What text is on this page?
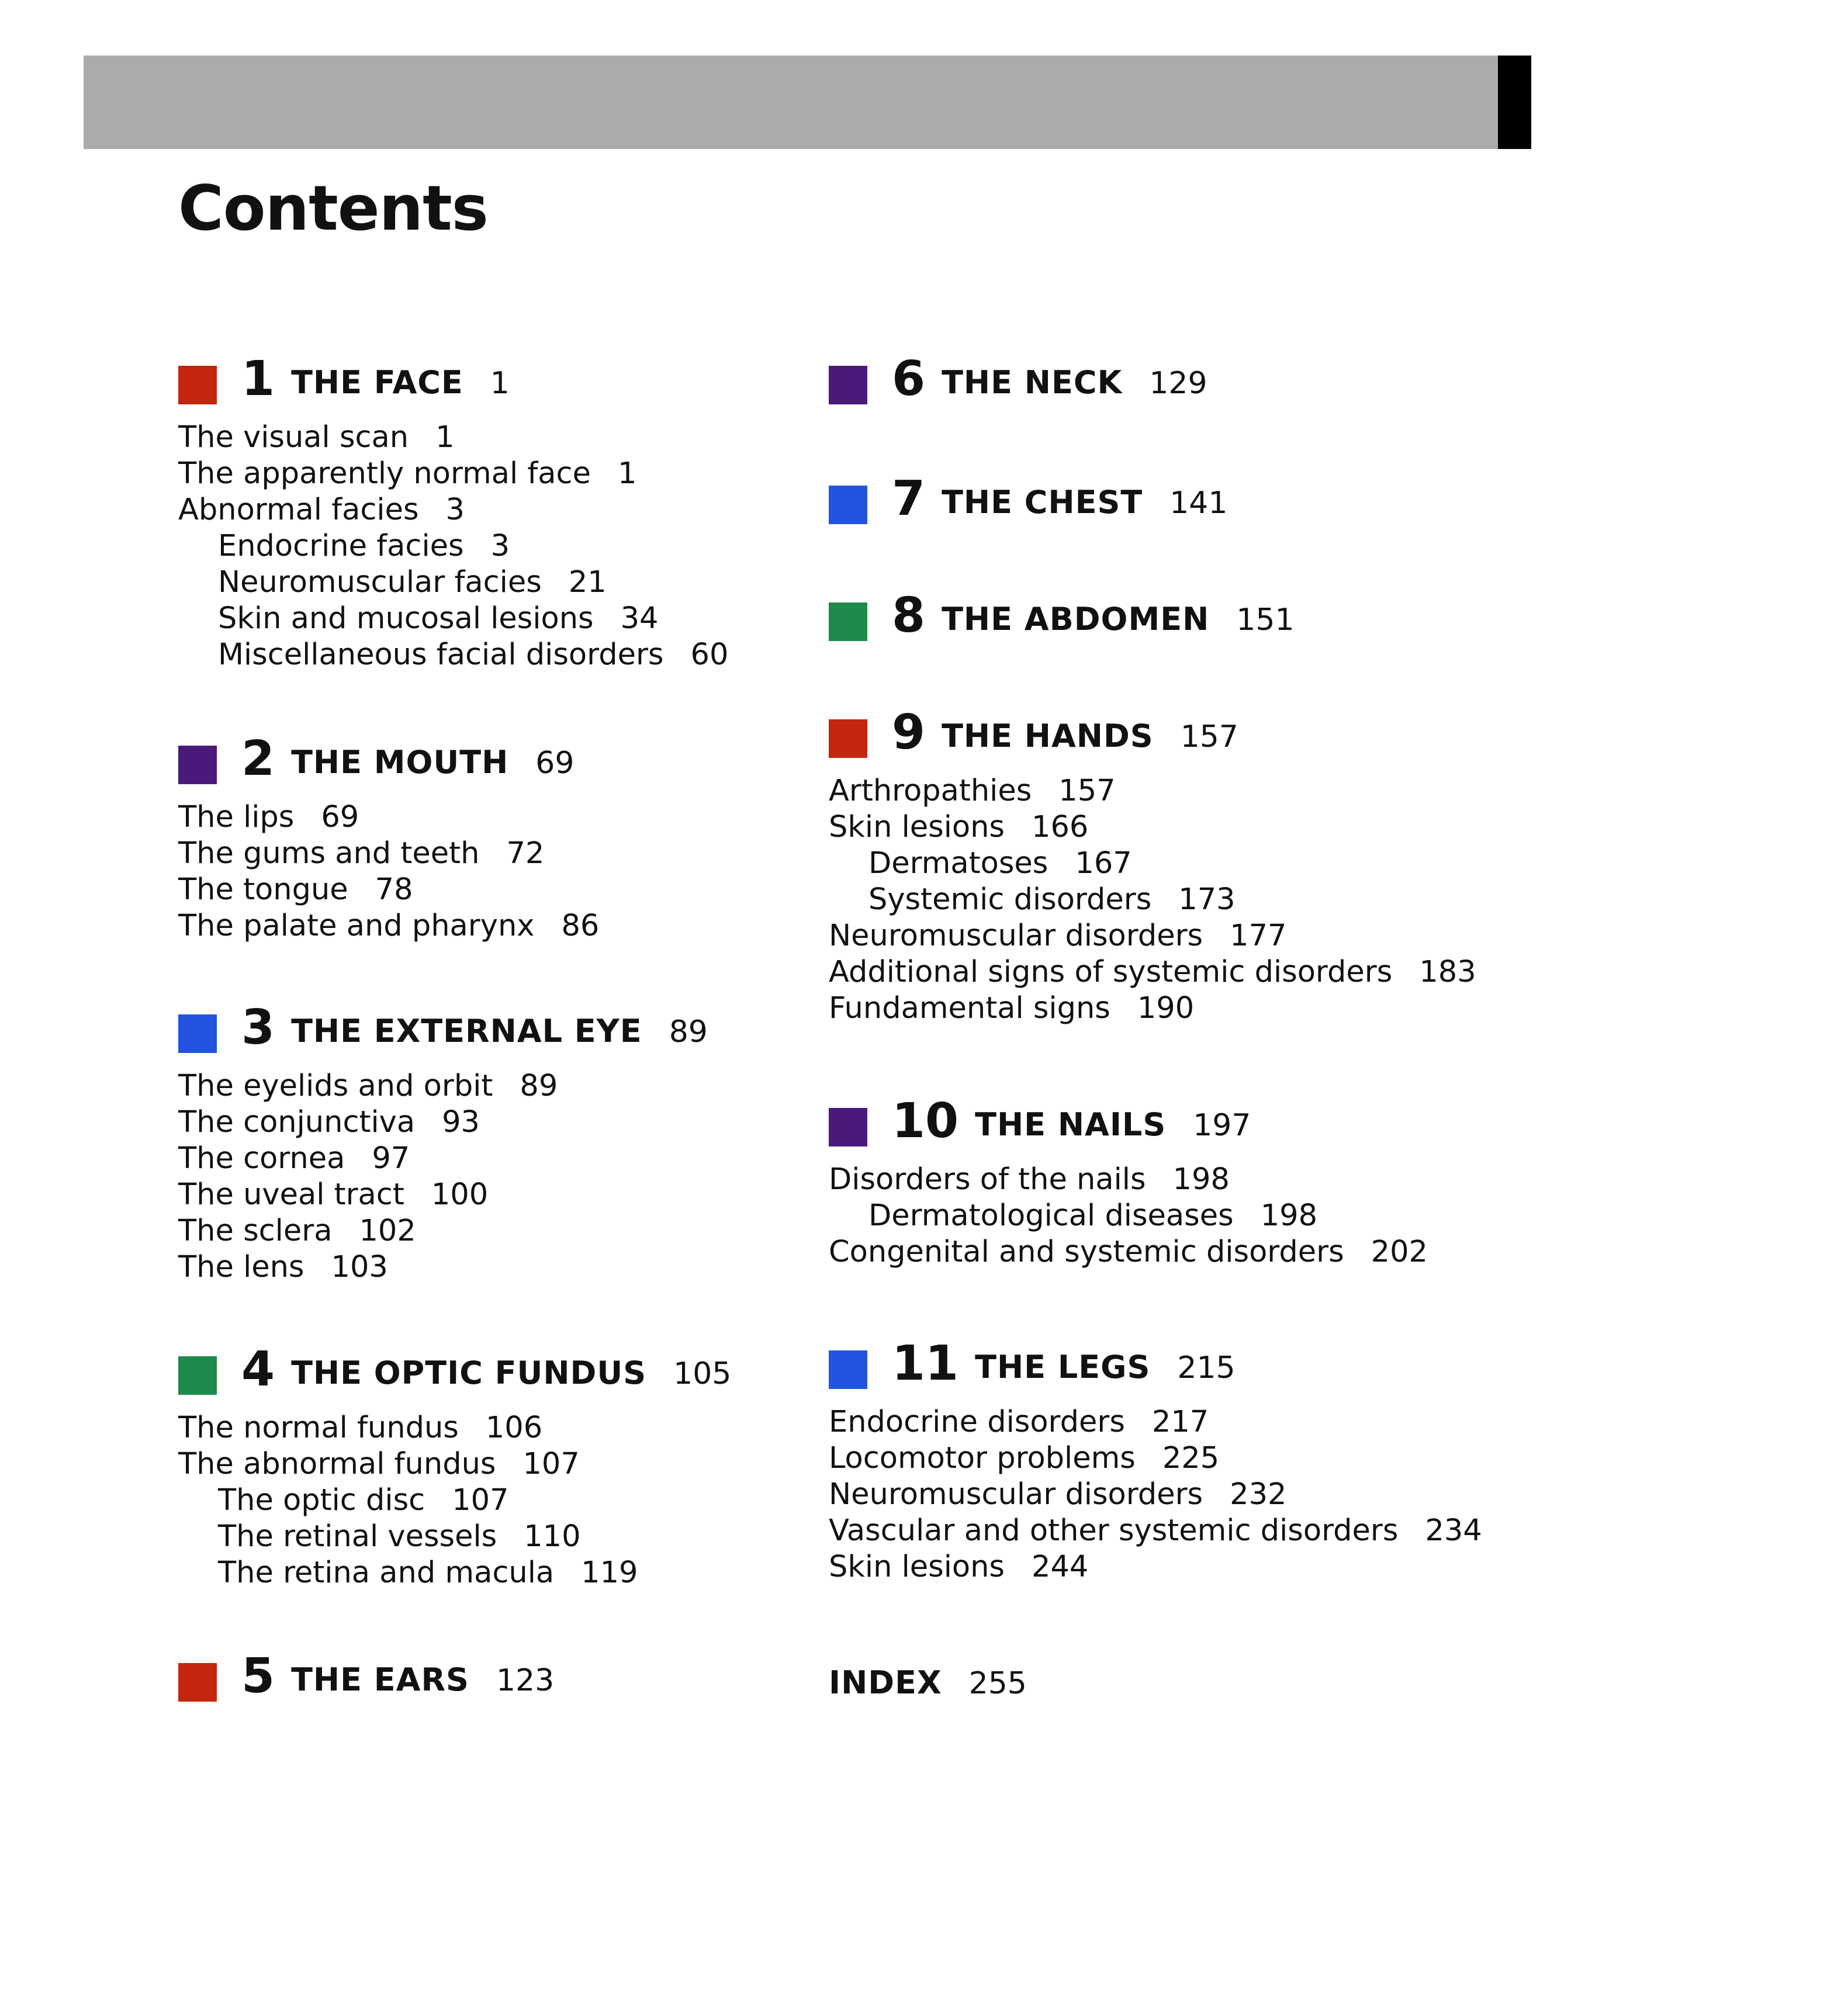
Contents
1 THE FACE 1
The visual scan 1
The apparently normal face 1
Abnormal facies 3
Endocrine facies 3
Neuromuscular facies 21
Skin and mucosal lesions 34
Miscellaneous facial disorders 60
2 THE MOUTH 69
The lips 69
The gums and teeth 72
The tongue 78
The palate and pharynx 86
3 THE EXTERNAL EYE 89
The eyelids and orbit 89
The conjunctiva 93
The cornea 97
The uveal tract 100
The sclera 102
The lens 103
4 THE OPTIC FUNDUS 105
The normal fundus 106
The abnormal fundus 107
The optic disc 107
The retinal vessels 110
The retina and macula 119
5 THE EARS 123
6 THE NECK 129
7 THE CHEST 141
8 THE ABDOMEN 151
9 THE HANDS 157
Arthropathies 157
Skin lesions 166
Dermatoses 167
Systemic disorders 173
Neuromuscular disorders 177
Additional signs of systemic disorders 183
Fundamental signs 190
10 THE NAILS 197
Disorders of the nails 198
Dermatological diseases 198
Congenital and systemic disorders 202
11 THE LEGS 215
Endocrine disorders 217
Locomotor problems 225
Neuromuscular disorders 232
Vascular and other systemic disorders 234
Skin lesions 244
INDEX 255
